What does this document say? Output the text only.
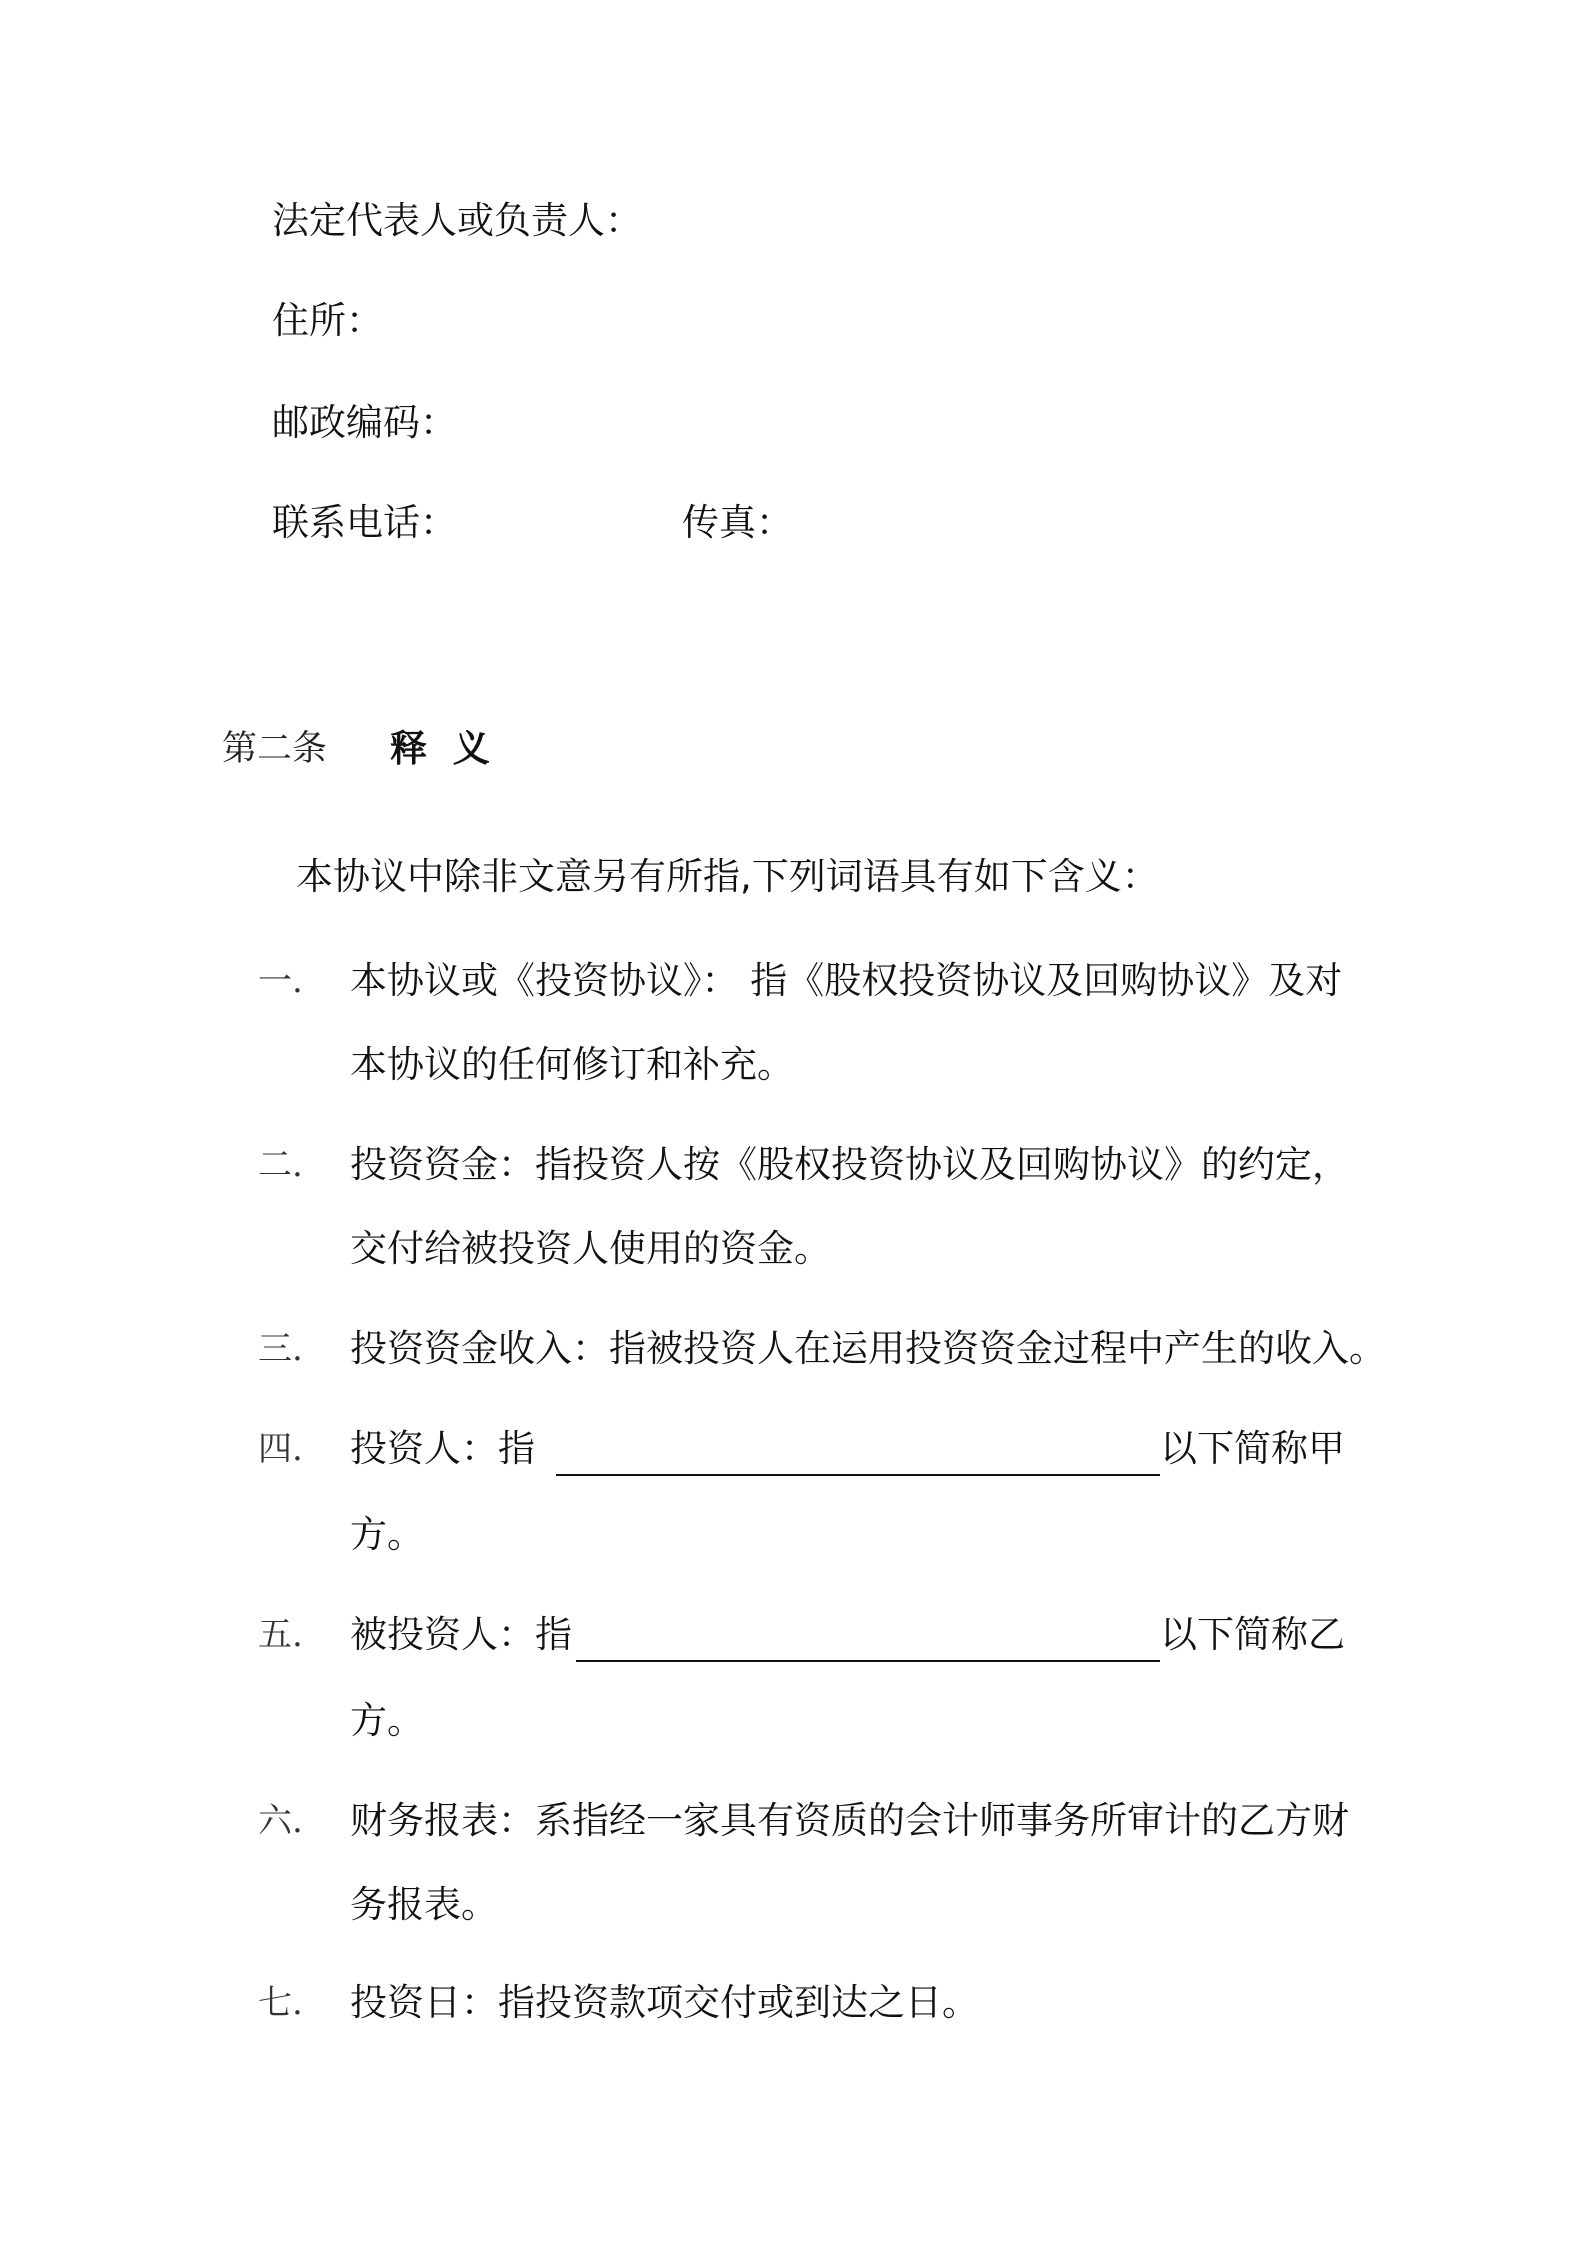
法定代表人或负责人：
住所：
邮政编码：
联系电话：	传真：
第二条 释  义
本协议中除非文意另有所指,下列词语具有如下含义：
一. 本协议或《投资协议》： 指《股权投资协议及回购协议》及对
本协议的任何修订和补充。
二. 投资资金：指投资人按《股权投资协议及回购协议》的约定，
交付给被投资人使用的资金。
三. 投资资金收入：指被投资人在运用投资资金过程中产生的收入。
四. 投资人：指	以下简称甲
方。
五. 被投资人：指	以下简称乙
方。
六. 财务报表：系指经一家具有资质的会计师事务所审计的乙方财
务报表。
七. 投资日：指投资款项交付或到达之日。
